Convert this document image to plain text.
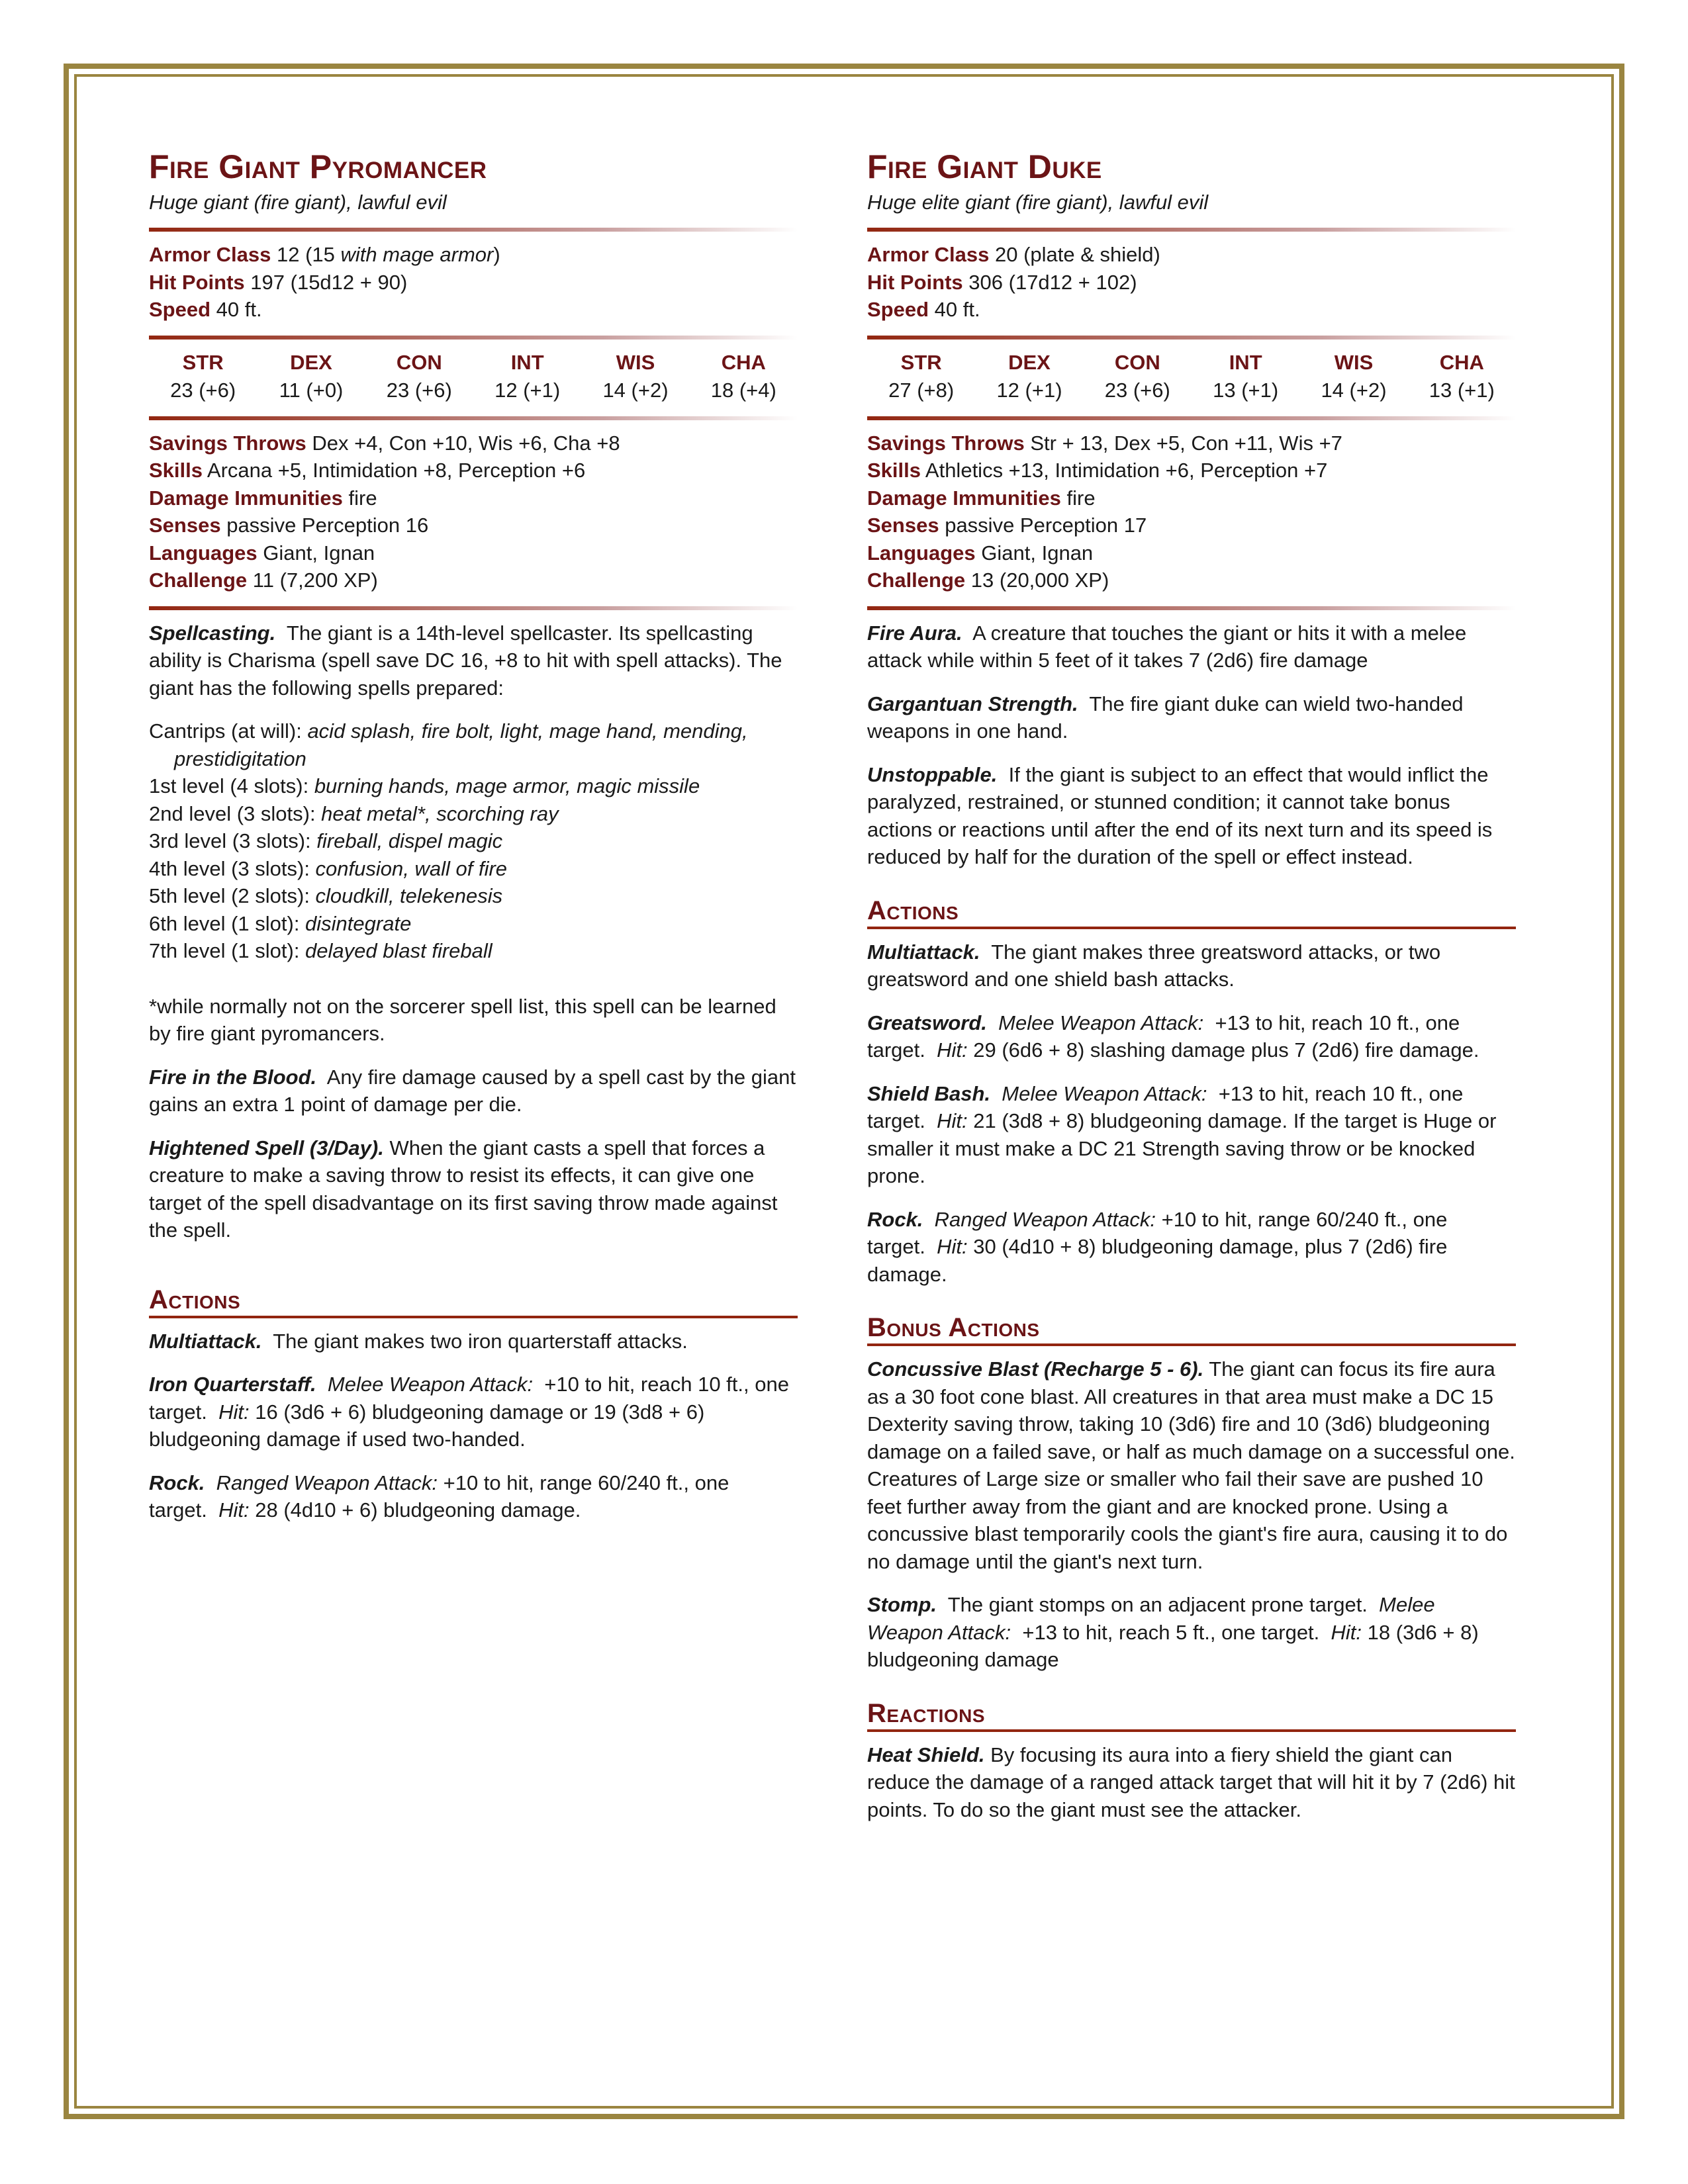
Fire Giant Pyromancer

Huge giant (fire giant), lawful evil

Armor Class 12 (15 with mage armor)

Hit Points 197 (15d12 + 90)

Speed 40 ft.

STR	DEX	CON	INT	WIS	CHA
23 (+6)	11 (+0)	23 (+6)	12 (+1)	14 (+2)	18 (+4)

Savings Throws Dex +4, Con +10, Wis +6, Cha +8

Skills Arcana +5, Intimidation +8, Perception +6

Damage Immunities fire

Senses passive Perception 16

Languages Giant, Ignan

Challenge 11 (7,200 XP)

Spellcasting. The giant is a 14th-level spellcaster. Its spellcasting ability is Charisma (spell save DC 16, +8 to hit with spell attacks). The giant has the following spells prepared:

Cantrips (at will): acid splash, fire bolt, light, mage hand, mending, prestidigitation
1st level (4 slots): burning hands, mage armor, magic missile
2nd level (3 slots): heat metal*, scorching ray
3rd level (3 slots): fireball, dispel magic
4th level (3 slots): confusion, wall of fire
5th level (2 slots): cloudkill, telekenesis
6th level (1 slot): disintegrate
7th level (1 slot): delayed blast fireball

*while normally not on the sorcerer spell list, this spell can be learned by fire giant pyromancers.

Fire in the Blood. Any fire damage caused by a spell cast by the giant gains an extra 1 point of damage per die.

Hightened Spell (3/Day). When the giant casts a spell that forces a creature to make a saving throw to resist its effects, it can give one target of the spell disadvantage on its first saving throw made against the spell.

Actions

Multiattack. The giant makes two iron quarterstaff attacks.

Iron Quarterstaff. Melee Weapon Attack: +10 to hit, reach 10 ft., one target. Hit: 16 (3d6 + 6) bludgeoning damage or 19 (3d8 + 6) bludgeoning damage if used two-handed.

Rock. Ranged Weapon Attack: +10 to hit, range 60/240 ft., one target. Hit: 28 (4d10 + 6) bludgeoning damage.

Fire Giant Duke

Huge elite giant (fire giant), lawful evil

Armor Class 20 (plate & shield)

Hit Points 306 (17d12 + 102)

Speed 40 ft.

STR	DEX	CON	INT	WIS	CHA
27 (+8)	12 (+1)	23 (+6)	13 (+1)	14 (+2)	13 (+1)

Savings Throws Str + 13, Dex +5, Con +11, Wis +7

Skills Athletics +13, Intimidation +6, Perception +7

Damage Immunities fire

Senses passive Perception 17

Languages Giant, Ignan

Challenge 13 (20,000 XP)

Fire Aura. A creature that touches the giant or hits it with a melee attack while within 5 feet of it takes 7 (2d6) fire damage

Gargantuan Strength. The fire giant duke can wield two-handed weapons in one hand.

Unstoppable. If the giant is subject to an effect that would inflict the paralyzed, restrained, or stunned condition; it cannot take bonus actions or reactions until after the end of its next turn and its speed is reduced by half for the duration of the spell or effect instead.

Actions

Multiattack. The giant makes three greatsword attacks, or two greatsword and one shield bash attacks.

Greatsword. Melee Weapon Attack: +13 to hit, reach 10 ft., one target. Hit: 29 (6d6 + 8) slashing damage plus 7 (2d6) fire damage.

Shield Bash. Melee Weapon Attack: +13 to hit, reach 10 ft., one target. Hit: 21 (3d8 + 8) bludgeoning damage. If the target is Huge or smaller it must make a DC 21 Strength saving throw or be knocked prone.

Rock. Ranged Weapon Attack: +10 to hit, range 60/240 ft., one target. Hit: 30 (4d10 + 8) bludgeoning damage, plus 7 (2d6) fire damage.

Bonus Actions

Concussive Blast (Recharge 5 - 6). The giant can focus its fire aura as a 30 foot cone blast. All creatures in that area must make a DC 15 Dexterity saving throw, taking 10 (3d6) fire and 10 (3d6) bludgeoning damage on a failed save, or half as much damage on a successful one. Creatures of Large size or smaller who fail their save are pushed 10 feet further away from the giant and are knocked prone. Using a concussive blast temporarily cools the giant's fire aura, causing it to do no damage until the giant's next turn.

Stomp. The giant stomps on an adjacent prone target. Melee Weapon Attack: +13 to hit, reach 5 ft., one target. Hit: 18 (3d6 + 8) bludgeoning damage

Reactions

Heat Shield. By focusing its aura into a fiery shield the giant can reduce the damage of a ranged attack target that will hit it by 7 (2d6) hit points. To do so the giant must see the attacker.
